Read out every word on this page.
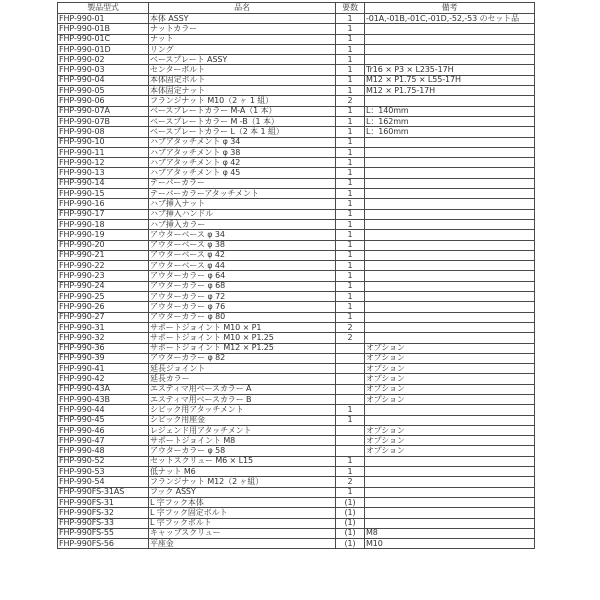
製品型式	品名	要数	備考
FHP-990-01	本体 ASSY	1	-01A,-01B,-01C,-01D,-52,-53 のセット品
FHP-990-01B	ナットカラー	1	
FHP-990-01C	ナット	1	
FHP-990-01D	リング	1	
FHP-990-02	ベースプレート ASSY	1	
FHP-990-03	センターボルト	1	Tr16 × P3 × L235-17H
FHP-990-04	本体固定ボルト	1	M12 × P1.75 × L55-17H
FHP-990-05	本体固定ナット	1	M12 × P1.75-17H
FHP-990-06	フランジナット M10（2 ヶ 1 組）	2	
FHP-990-07A	ベースプレートカラー M-A（1 本）	1	L：140mm
FHP-990-07B	ベースプレートカラー M -B（1 本）	1	L：162mm
FHP-990-08	ベースプレートカラー L（2 本 1 組）	1	L：160mm
FHP-990-10	ハブアタッチメント φ 34	1	
FHP-990-11	ハブアタッチメント φ 38	1	
FHP-990-12	ハブアタッチメント φ 42	1	
FHP-990-13	ハブアタッチメント φ 45	1	
FHP-990-14	テーパーカラー	1	
FHP-990-15	テーパーカラーアタッチメント	1	
FHP-990-16	ハブ挿入ナット	1	
FHP-990-17	ハブ挿入ハンドル	1	
FHP-990-18	ハブ挿入カラー	1	
FHP-990-19	アウターベース φ 34	1	
FHP-990-20	アウターベース φ 38	1	
FHP-990-21	アウターベース φ 42	1	
FHP-990-22	アウターベース φ 44	1	
FHP-990-23	アウターカラー φ 64	1	
FHP-990-24	アウターカラー φ 68	1	
FHP-990-25	アウターカラー φ 72	1	
FHP-990-26	アウターカラー φ 76	1	
FHP-990-27	アウターカラー φ 80	1	
FHP-990-31	サポートジョイント M10 × P1	2	
FHP-990-32	サポートジョイント M10 × P1.25	2	
FHP-990-36	サポートジョイント M12 × P1.25		オプション
FHP-990-39	アウターカラー φ 82		オプション
FHP-990-41	延長ジョイント		オプション
FHP-990-42	延長カラー		オプション
FHP-990-43A	エスティマ用ベースカラー A		オプション
FHP-990-43B	エスティマ用ベースカラー B		オプション
FHP-990-44	シビック用アタッチメント	1	
FHP-990-45	シビック用座金	1	
FHP-990-46	レジェンド用アタッチメント		オプション
FHP-990-47	サポートジョイント M8		オプション
FHP-990-48	アウターカラー φ 58		オプション
FHP-990-52	セットスクリュー M6 × L15	1	
FHP-990-53	低ナット M6	1	
FHP-990-54	フランジナット M12（2 ヶ組）	2	
FHP-990FS-31AS	フック ASSY	1	
FHP-990FS-31	L 字フック本体	(1)	
FHP-990FS-32	L 字フック固定ボルト	(1)	
FHP-990FS-33	L 字フックボルト	(1)	
FHP-990FS-55	キャップスクリュー	(1)	M8
FHP-990FS-56	平座金	(1)	M10
